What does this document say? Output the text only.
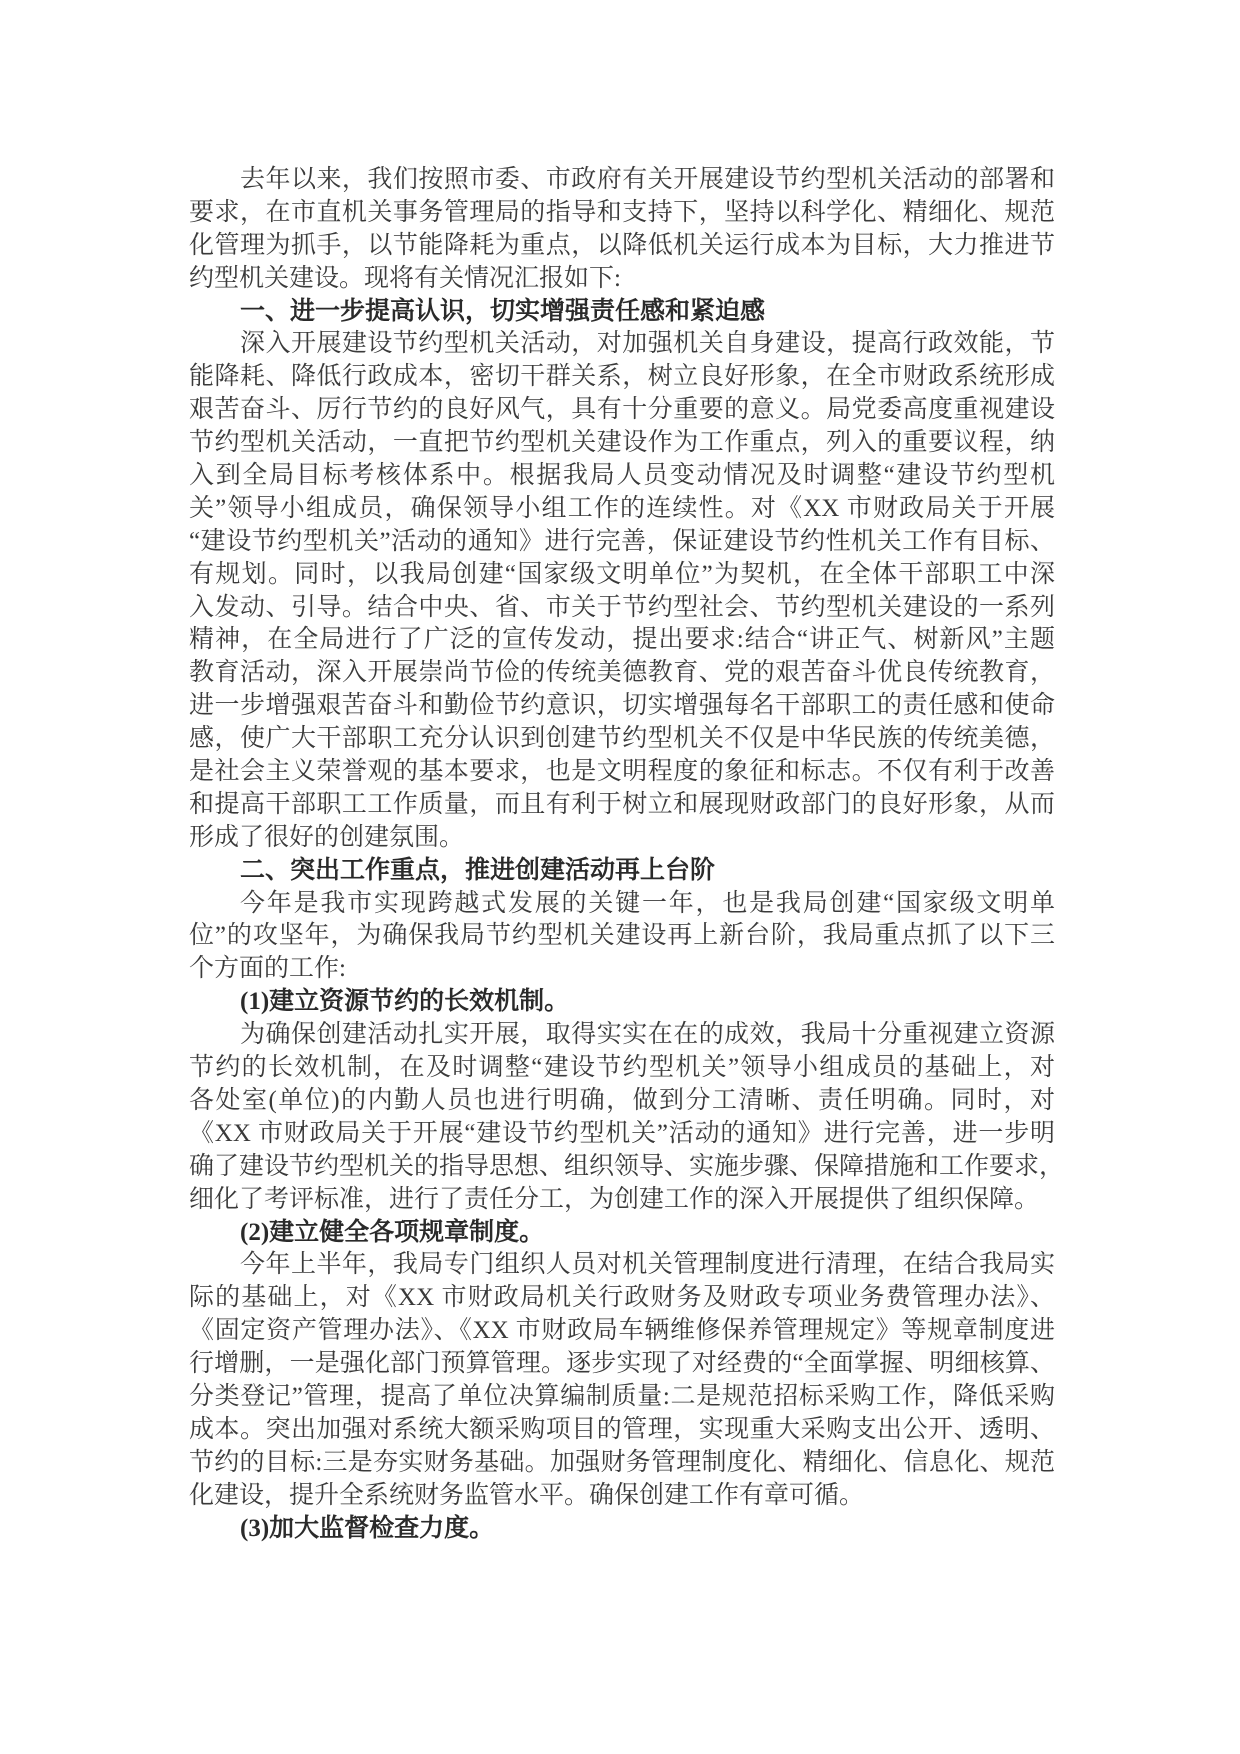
去年以来，我们按照市委、市政府有关开展建设节约型机关活动的部署和
要求，在市直机关事务管理局的指导和支持下，坚持以科学化、精细化、规范
化管理为抓手，以节能降耗为重点，以降低机关运行成本为目标，大力推进节
约型机关建设。现将有关情况汇报如下:
一、进一步提高认识，切实增强责任感和紧迫感
深入开展建设节约型机关活动，对加强机关自身建设，提高行政效能，节
能降耗、降低行政成本，密切干群关系，树立良好形象，在全市财政系统形成
艰苦奋斗、厉行节约的良好风气，具有十分重要的意义。局党委高度重视建设
节约型机关活动，一直把节约型机关建设作为工作重点，列入的重要议程，纳
入到全局目标考核体系中。根据我局人员变动情况及时调整“建设节约型机
关”领导小组成员，确保领导小组工作的连续性。对《XX 市财政局关于开展
“建设节约型机关”活动的通知》进行完善，保证建设节约性机关工作有目标、
有规划。同时，以我局创建“国家级文明单位”为契机，在全体干部职工中深
入发动、引导。结合中央、省、市关于节约型社会、节约型机关建设的一系列
精神，在全局进行了广泛的宣传发动，提出要求:结合“讲正气、树新风”主题
教育活动，深入开展崇尚节俭的传统美德教育、党的艰苦奋斗优良传统教育，
进一步增强艰苦奋斗和勤俭节约意识，切实增强每名干部职工的责任感和使命
感，使广大干部职工充分认识到创建节约型机关不仅是中华民族的传统美德，
是社会主义荣誉观的基本要求，也是文明程度的象征和标志。不仅有利于改善
和提高干部职工工作质量，而且有利于树立和展现财政部门的良好形象，从而
形成了很好的创建氛围。
二、突出工作重点，推进创建活动再上台阶
今年是我市实现跨越式发展的关键一年，也是我局创建“国家级文明单
位”的攻坚年，为确保我局节约型机关建设再上新台阶，我局重点抓了以下三
个方面的工作:
(1)建立资源节约的长效机制。
为确保创建活动扎实开展，取得实实在在的成效，我局十分重视建立资源
节约的长效机制，在及时调整“建设节约型机关”领导小组成员的基础上，对
各处室(单位)的内勤人员也进行明确，做到分工清晰、责任明确。同时，对
《XX 市财政局关于开展“建设节约型机关”活动的通知》进行完善，进一步明
确了建设节约型机关的指导思想、组织领导、实施步骤、保障措施和工作要求，
细化了考评标准，进行了责任分工，为创建工作的深入开展提供了组织保障。
(2)建立健全各项规章制度。
今年上半年，我局专门组织人员对机关管理制度进行清理，在结合我局实
际的基础上，对《XX 市财政局机关行政财务及财政专项业务费管理办法》、
《固定资产管理办法》、《XX 市财政局车辆维修保养管理规定》等规章制度进
行增删，一是强化部门预算管理。逐步实现了对经费的“全面掌握、明细核算、
分类登记”管理，提高了单位决算编制质量:二是规范招标采购工作，降低采购
成本。突出加强对系统大额采购项目的管理，实现重大采购支出公开、透明、
节约的目标:三是夯实财务基础。加强财务管理制度化、精细化、信息化、规范
化建设，提升全系统财务监管水平。确保创建工作有章可循。
(3)加大监督检查力度。
